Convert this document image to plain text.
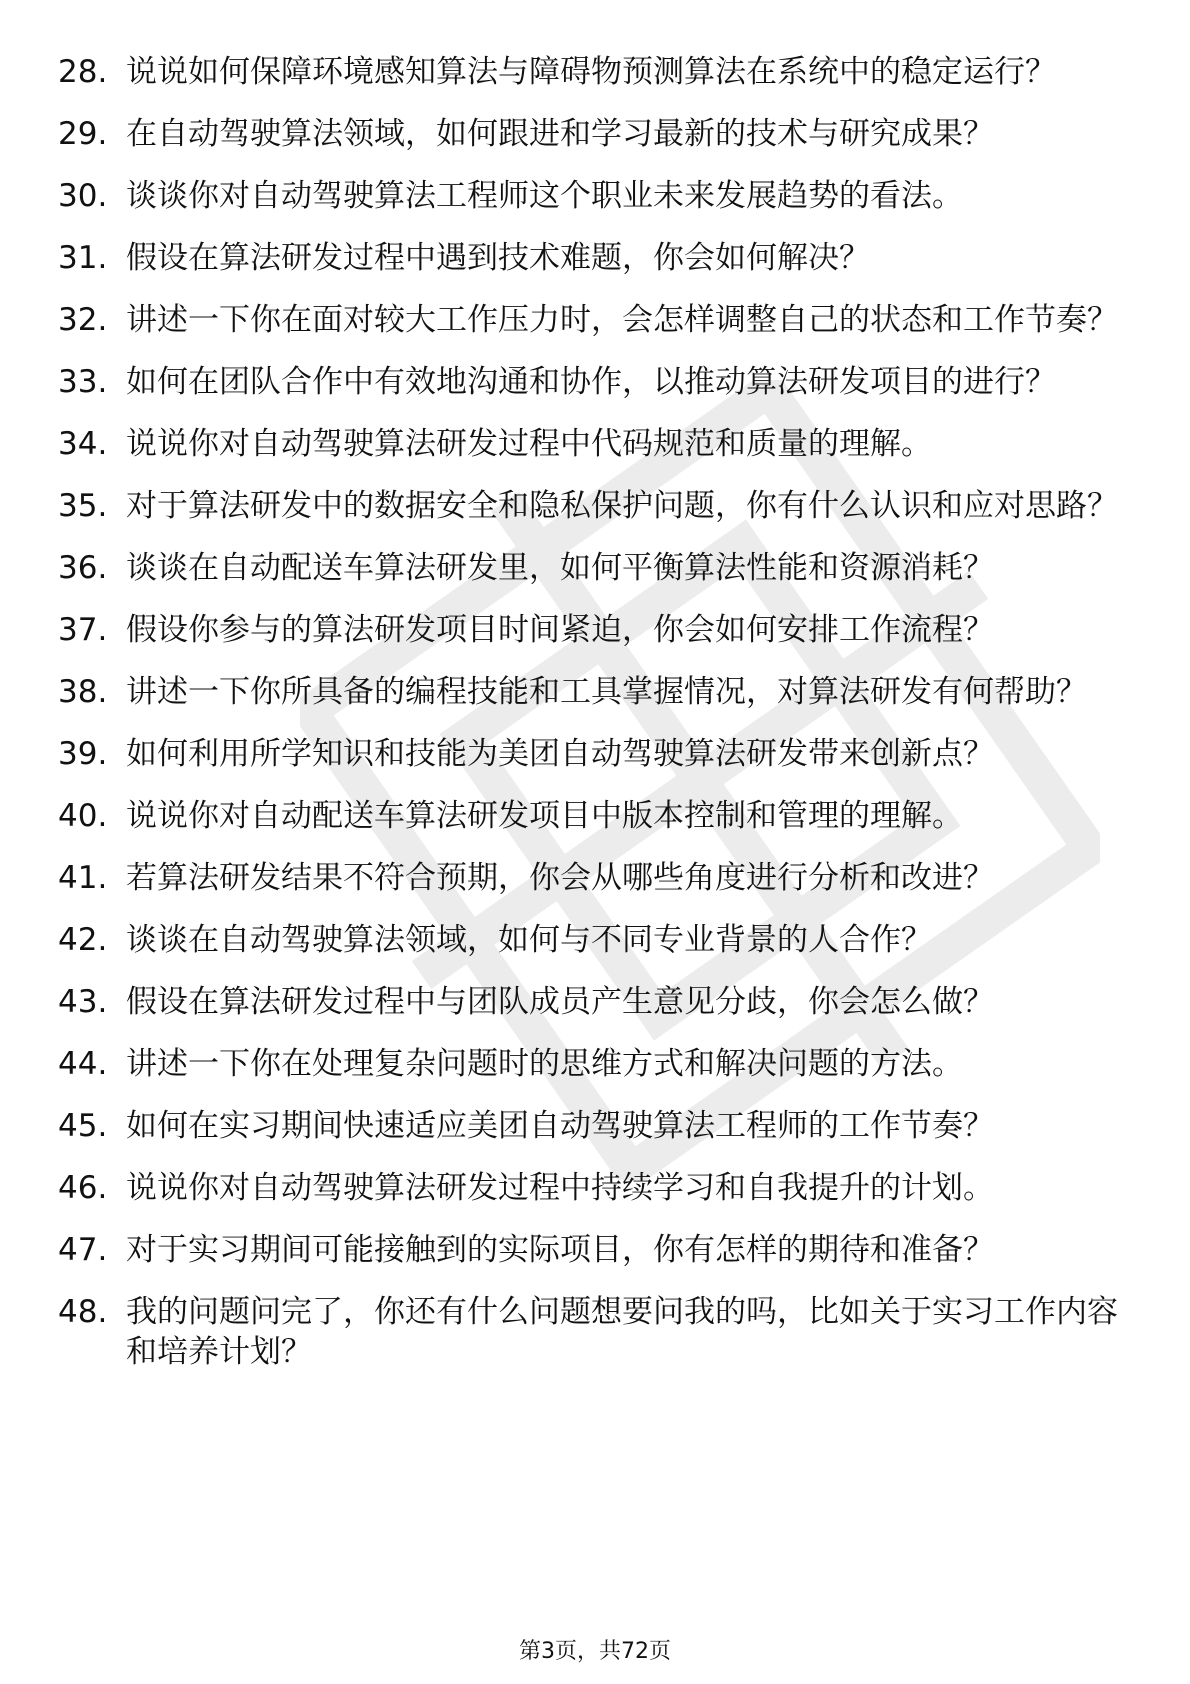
28. 说说如何保障环境感知算法与障碍物预测算法在系统中的稳定运行？
29. 在自动驾驶算法领域，如何跟进和学习最新的技术与研究成果？
30. 谈谈你对自动驾驶算法工程师这个职业未来发展趋势的看法。
31. 假设在算法研发过程中遇到技术难题，你会如何解决？
32. 讲述一下你在面对较大工作压力时，会怎样调整自己的状态和工作节奏？
33. 如何在团队合作中有效地沟通和协作，以推动算法研发项目的进行？
34. 说说你对自动驾驶算法研发过程中代码规范和质量的理解。
35. 对于算法研发中的数据安全和隐私保护问题，你有什么认识和应对思路？
36. 谈谈在自动配送车算法研发里，如何平衡算法性能和资源消耗？
37. 假设你参与的算法研发项目时间紧迫，你会如何安排工作流程？
38. 讲述一下你所具备的编程技能和工具掌握情况，对算法研发有何帮助？
39. 如何利用所学知识和技能为美团自动驾驶算法研发带来创新点？
40. 说说你对自动配送车算法研发项目中版本控制和管理的理解。
41. 若算法研发结果不符合预期，你会从哪些角度进行分析和改进？
42. 谈谈在自动驾驶算法领域，如何与不同专业背景的人合作？
43. 假设在算法研发过程中与团队成员产生意见分歧，你会怎么做？
44. 讲述一下你在处理复杂问题时的思维方式和解决问题的方法。
45. 如何在实习期间快速适应美团自动驾驶算法工程师的工作节奏？
46. 说说你对自动驾驶算法研发过程中持续学习和自我提升的计划。
47. 对于实习期间可能接触到的实际项目，你有怎样的期待和准备？
48. 我的问题问完了，你还有什么问题想要问我的吗，比如关于实习工作内容和培养计划？
第3页，共72页
